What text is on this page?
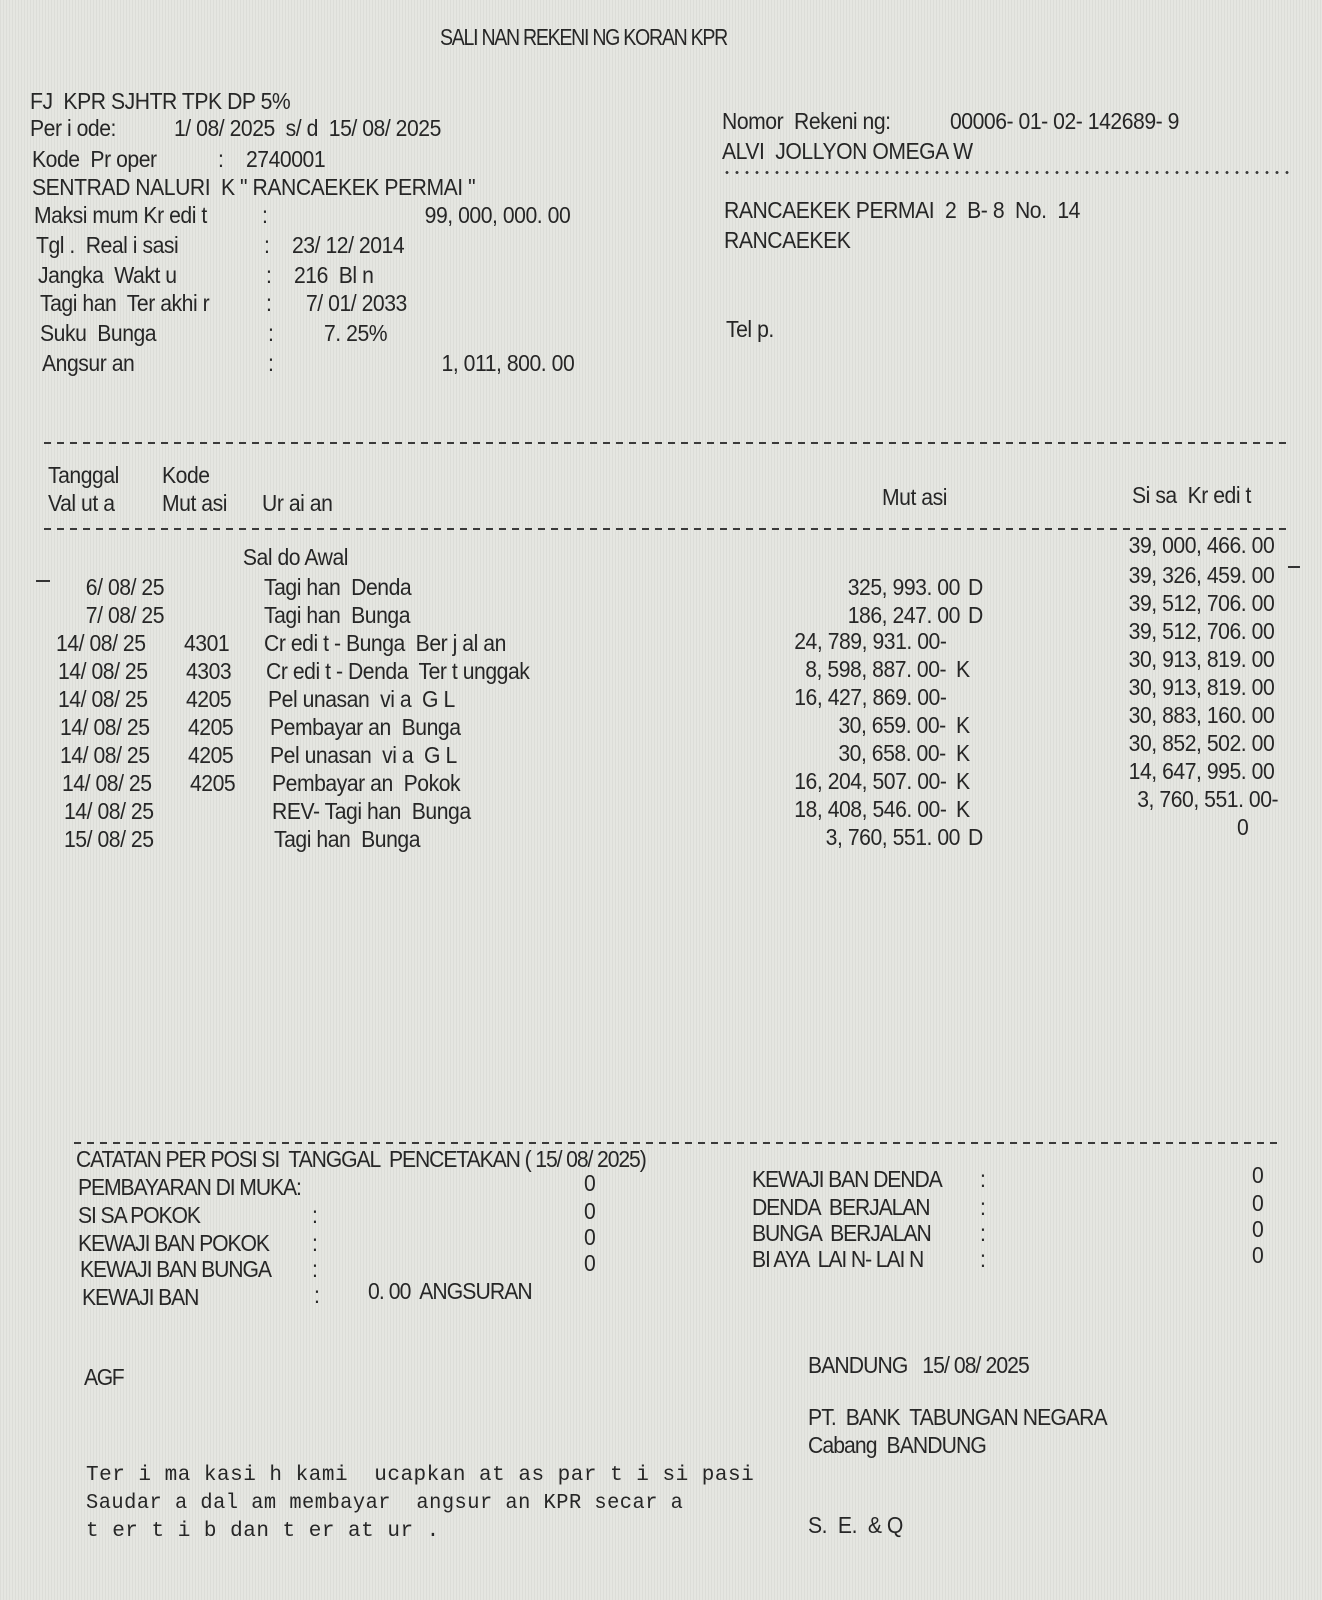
SALI NAN REKENI NG KORAN KPR
FJ  KPR SJHTR TPK DP 5%
Per i ode:	1/ 08/ 2025  s/ d  15/ 08/ 2025
Kode  Pr oper	: 2740001
SENTRAD NALURI  K " RANCAEKEK PERMAI "
Maksi mum Kr edi t :	99, 000, 000. 00
Tgl .  Real i sasi	: 23/ 12/ 2014
Jangka  Wakt u	: 216  Bl n
Tagi han  Ter akhi r : 7/ 01/ 2033
Suku  Bunga	: 7. 25%
Angsur an	:	1, 011, 800. 00
Nomor  Rekeni ng:	00006- 01- 02- 142689- 9
ALVI  JOLLYON OMEGA W
RANCAEKEK PERMAI  2  B- 8  No.  14
RANCAEKEK
Tel p.
Tanggal Kode
Val ut a Mut asi Ur ai an	Mut asi	Si sa  Kr edi t
Sal do Awal	39, 000, 466. 00
6/ 08/ 25	Tagi han  Denda	325, 993. 00 D	39, 326, 459. 00
7/ 08/ 25	Tagi han  Bunga	186, 247. 00 D	39, 512, 706. 00
14/ 08/ 25 4301 Cr edi t - Bunga  Ber j al an	24, 789, 931. 00-	39, 512, 706. 00
14/ 08/ 25 4303 Cr edi t - Denda  Ter t unggak	8, 598, 887. 00- K	30, 913, 819. 00
14/ 08/ 25 4205 Pel unasan  vi a  G L	16, 427, 869. 00-	30, 913, 819. 00
14/ 08/ 25 4205 Pembayar an  Bunga	30, 659. 00- K	30, 883, 160. 00
14/ 08/ 25 4205 Pel unasan  vi a  G L	30, 658. 00- K	30, 852, 502. 00
14/ 08/ 25 4205 Pembayar an  Pokok	16, 204, 507. 00- K	14, 647, 995. 00
14/ 08/ 25	REV- Tagi han  Bunga	18, 408, 546. 00- K	3, 760, 551. 00-
15/ 08/ 25	Tagi han  Bunga	3, 760, 551. 00 D	0
CATATAN PER POSI SI  TANGGAL  PENCETAKAN ( 15/ 08/ 2025)
PEMBAYARAN DI MUKA:	0
SI SA POKOK	:	0
KEWAJI BAN POKOK :	0
KEWAJI BAN BUNGA :	0
KEWAJI BAN	: 0. 00  ANGSURAN
KEWAJI BAN DENDA :	0
DENDA  BERJALAN :	0
BUNGA  BERJALAN :	0
BI AYA  LAI N- LAI N :	0
AGF	BANDUNG   15/ 08/ 2025
PT.  BANK  TABUNGAN NEGARA
Cabang  BANDUNG
S.  E.  & Q
Ter i ma kasi h kami  ucapkan at as par t i si pasi
Saudar a dal am membayar  angsur an KPR secar a
t er t i b dan t er at ur .
